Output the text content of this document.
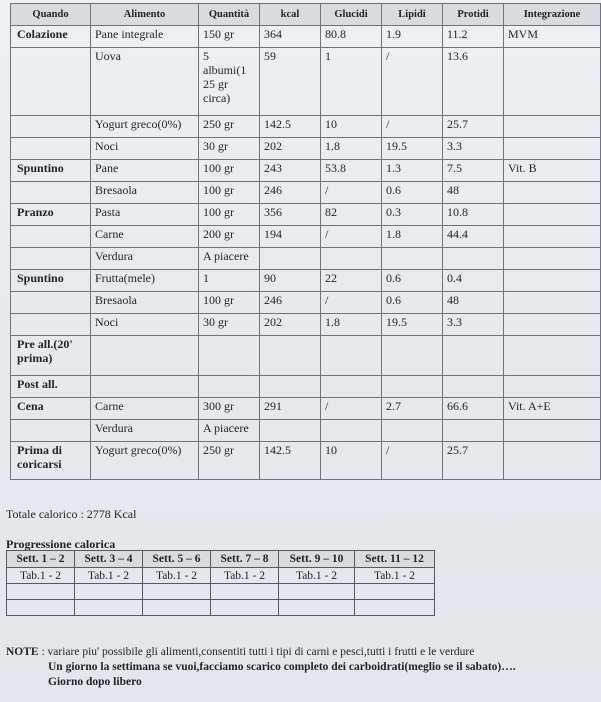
Quando	Alimento	Quantità	kcal	Glucidi	Lipidi	Protidi	Integrazione
Colazione	Pane integrale	150 gr	364	80.8	1.9	11.2	MVM
	Uova	5 albumi(1 25 gr circa)	59	1	/	13.6	
	Yogurt greco(0%)	250 gr	142.5	10	/	25.7	
	Noci	30 gr	202	1.8	19.5	3.3	
Spuntino	Pane	100 gr	243	53.8	1.3	7.5	Vit. B
	Bresaola	100 gr	246	/	0.6	48	
Pranzo	Pasta	100 gr	356	82	0.3	10.8	
	Carne	200 gr	194	/	1.8	44.4	
	Verdura	A piacere					
Spuntino	Frutta(mele)	1	90	22	0.6	0.4	
	Bresaola	100 gr	246	/	0.6	48	
	Noci	30 gr	202	1.8	19.5	3.3	
Pre all.(20' prima)							
Post all.							
Cena	Carne	300 gr	291	/	2.7	66.6	Vit. A+E
	Verdura	A piacere					
Prima di coricarsi	Yogurt greco(0%)	250 gr	142.5	10	/	25.7	
Totale calorico : 2778 Kcal
Progressione calorica
Sett. 1 – 2	Sett. 3 – 4	Sett. 5 – 6	Sett. 7 – 8	Sett. 9 – 10	Sett. 11 – 12
Tab.1 - 2	Tab.1 - 2	Tab.1 - 2	Tab.1 - 2	Tab.1 - 2	Tab.1 - 2

NOTE : variare piu' possibile gli alimenti,consentiti tutti i tipi di carni e pesci,tutti i frutti e le verdure
Un giorno la settimana se vuoi,facciamo scarico completo dei carboidrati(meglio se il sabato)….
Giorno dopo libero
